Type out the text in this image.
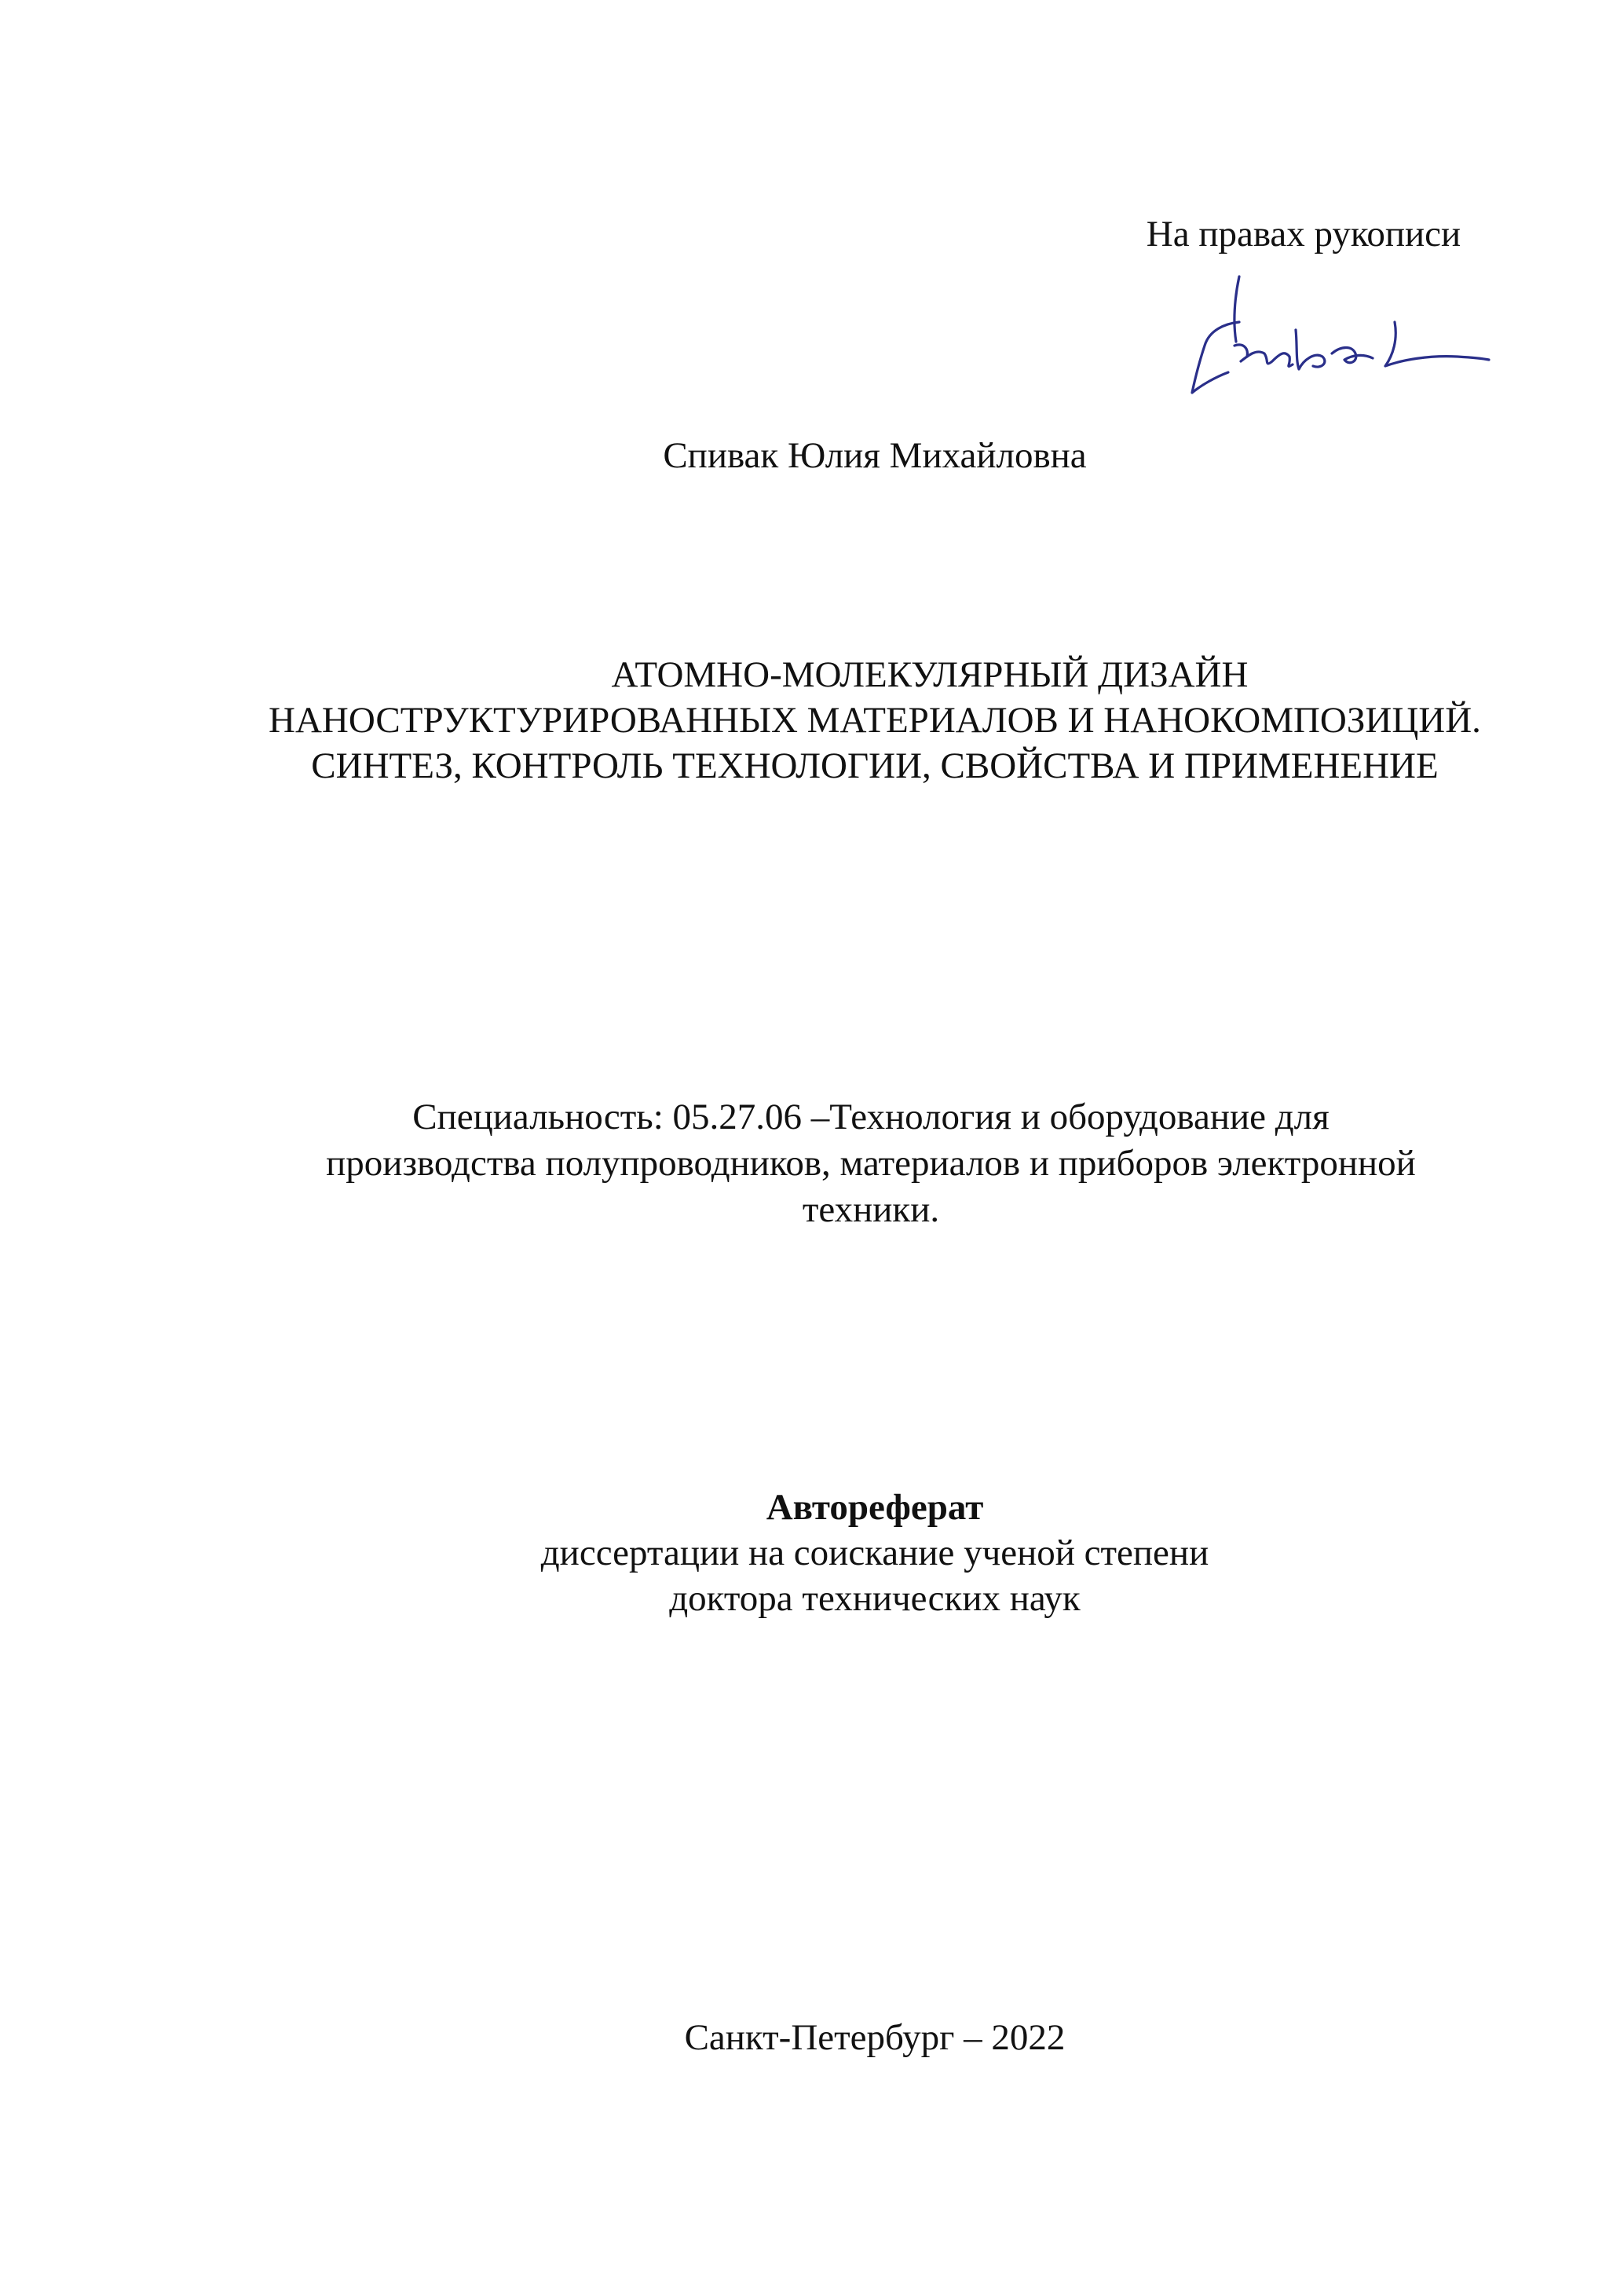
На правах рукописи
Спивак Юлия Михайловна
АТОМНО-МОЛЕКУЛЯРНЫЙ ДИЗАЙН
НАНОСТРУКТУРИРОВАННЫХ МАТЕРИАЛОВ И НАНОКОМПОЗИЦИЙ.
СИНТЕЗ, КОНТРОЛЬ ТЕХНОЛОГИИ, СВОЙСТВА И ПРИМЕНЕНИЕ
Специальность: 05.27.06 –Технология и оборудование для
производства полупроводников, материалов и приборов электронной
техники.
Автореферат
диссертации на соискание ученой степени
доктора технических наук
Санкт-Петербург – 2022
